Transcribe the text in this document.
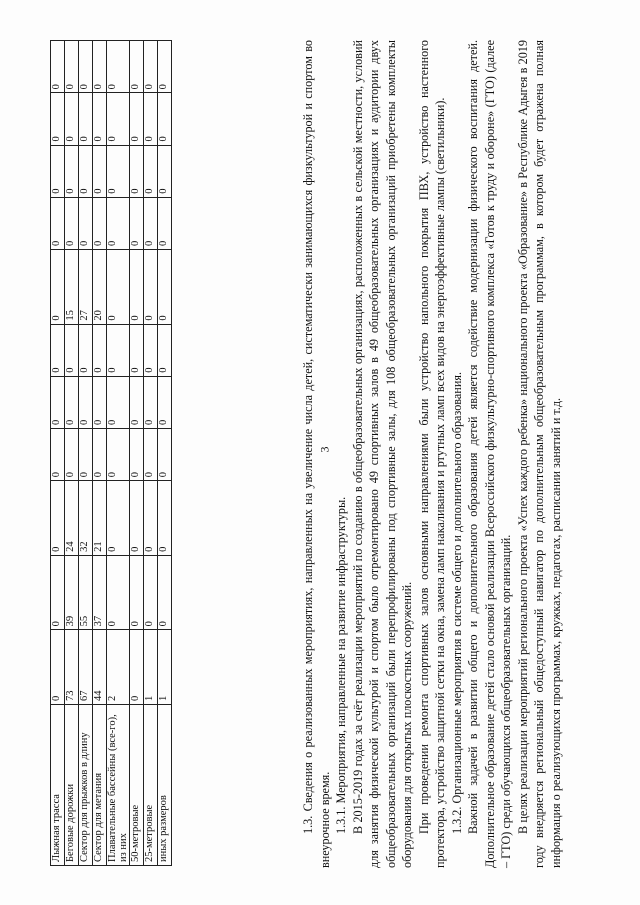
3
Лыжная трасса	0	0	0	0	0	0	0	0	0	0	0
Беговые дорожки	73	39	24	0	0	0	15	0	0	0	0
Сектор для прыжков в длину	67	55	32	0	0	0	27	0	0	0	0
Сектор для метания	44	37	21	0	0	0	20	0	0	0	0
Плавательные бассейны (все-го), из них	2	0	0	0	0	0	0	0	0	0	0
50-метровые	0	0	0	0	0	0	0	0	0	0	0
25-метровые	1	0	0	0	0	0	0	0	0	0	0
иных размеров	1	0	0	0	0	0	0	0	0	0	0	1.3. Сведения о реализованных мероприятиях, направленных на увеличение числа детей, систематически занимающихся физкультурой и спортом во внеурочное время. 1.3.1. Мероприятия, направленные на развитие инфраструктуры. В 2015-2019 годах за счёт реализации мероприятий по созданию в общеобразовательных организациях, расположенных в сельской местности, условий для занятия физической культурой и спортом было отремонтировано 49 спортивных залов в 49 общеобразовательных организациях и аудитории двух общеобразовательных организаций были перепрофилированы под спортивные залы, для 108 общеобразовательных организаций приобретены комплекты оборудования для открытых плоскостных сооружений. При проведении ремонта спортивных залов основными направлениями были устройство напольного покрытия ПВХ, устройство настенного протектора, устройство защитной сетки на окна, замена ламп накаливания и ртутных ламп всех видов на энергоэффективные лампы (светильники). 1.3.2. Организационные мероприятия в системе общего и дополнительного образования. Важной задачей в развитии общего и дополнительного образования детей является содействие модернизации физического воспитания детей. Дополнительное образование детей стало основой реализации Всероссийского физкультурно-спортивного комплекса «Готов к труду и обороне» (ГТО) (далее – ГТО) среди обучающихся общеобразовательных организаций. В целях реализации мероприятий регионального проекта «Успех каждого ребенка» национального проекта «Образование» в Республике Адыгея в 2019 году внедряется региональный общедоступный навигатор по дополнительным общеобразовательным программам, в котором будет отражена полная информация о реализующихся программах, кружках, педагогах, расписании занятий и т.д.
